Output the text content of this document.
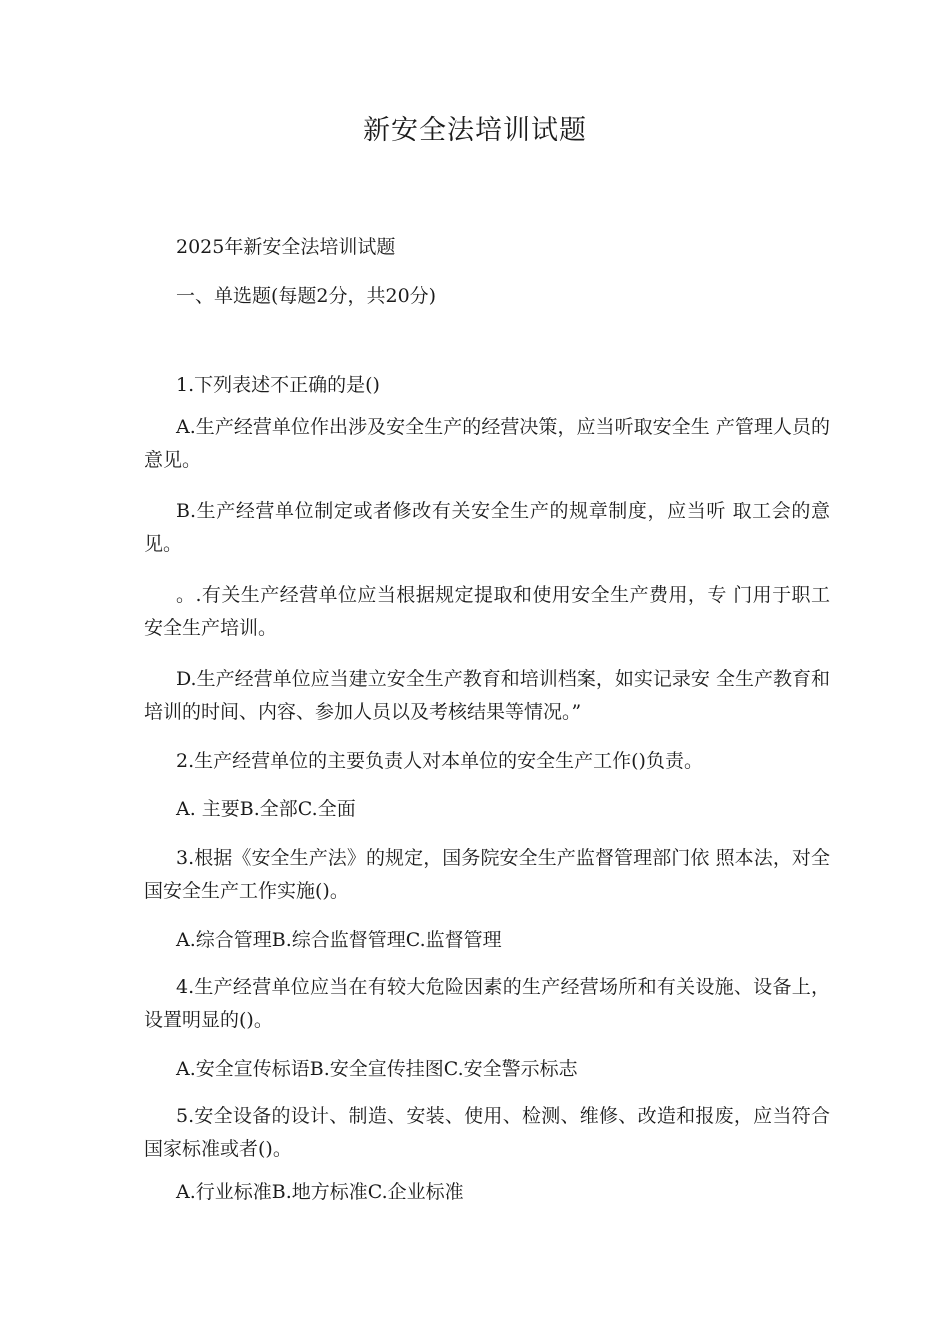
新安全法培训试题
2025年新安全法培训试题
一、单选题(每题2分，共20分)
1.下列表述不正确的是()
A.生产经营单位作出涉及安全生产的经营决策，应当听取安全生 产管理人员的意见。
B.生产经营单位制定或者修改有关安全生产的规章制度，应当听 取工会的意见。
。.有关生产经营单位应当根据规定提取和使用安全生产费用，专 门用于职工安全生产培训。
D.生产经营单位应当建立安全生产教育和培训档案，如实记录安 全生产教育和培训的时间、内容、参加人员以及考核结果等情况。”
2.生产经营单位的主要负责人对本单位的安全生产工作()负责。
A. 主要B.全部C.全面
3.根据《安全生产法》的规定，国务院安全生产监督管理部门依 照本法，对全国安全生产工作实施()。
A.综合管理B.综合监督管理C.监督管理
4.生产经营单位应当在有较大危险因素的生产经营场所和有关设施、设备上，设置明显的()。
A.安全宣传标语B.安全宣传挂图C.安全警示标志
5.安全设备的设计、制造、安装、使用、检测、维修、改造和报废，应当符合国家标准或者()。
A.行业标准B.地方标准C.企业标准
